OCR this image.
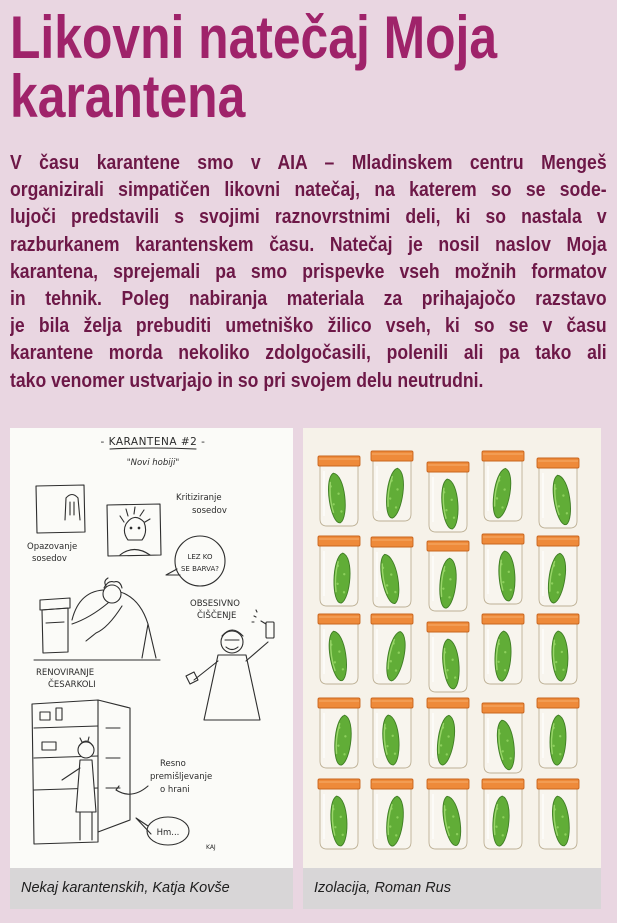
Likovni natečaj Moja
karantena
V času karantene smo v AIA – Mladinskem centru Mengeš
organizirali simpatičen likovni natečaj, na katerem so se sode-
lujoči predstavili s svojimi raznovrstnimi deli, ki so nastala v
razburkanem karantenskem času. Natečaj je nosil naslov Moja
karantena, sprejemali pa smo prispevke vseh možnih formatov
in tehnik. Poleg nabiranja materiala za prihajajočo razstavo
je bila želja prebuditi umetniško žilico vseh, ki so se v času
karantene morda nekoliko zdolgočasili, polenili ali pa tako ali
tako venomer ustvarjajo in so pri svojem delu neutrudni.
- KARANTENA #2 -
"Novi hobiji"
Opazovanje
sosedov
Kritiziranje
sosedov
LEZ KO
SE BARVA?
RENOVIRANJE
ČESARKOLI
OBSESIVNO
ČIŠČENJE
Resno
premišljevanje
o hrani
Hm...
KAJ
Nekaj karantenskih, Katja Kovše	Izolacija, Roman Rus
